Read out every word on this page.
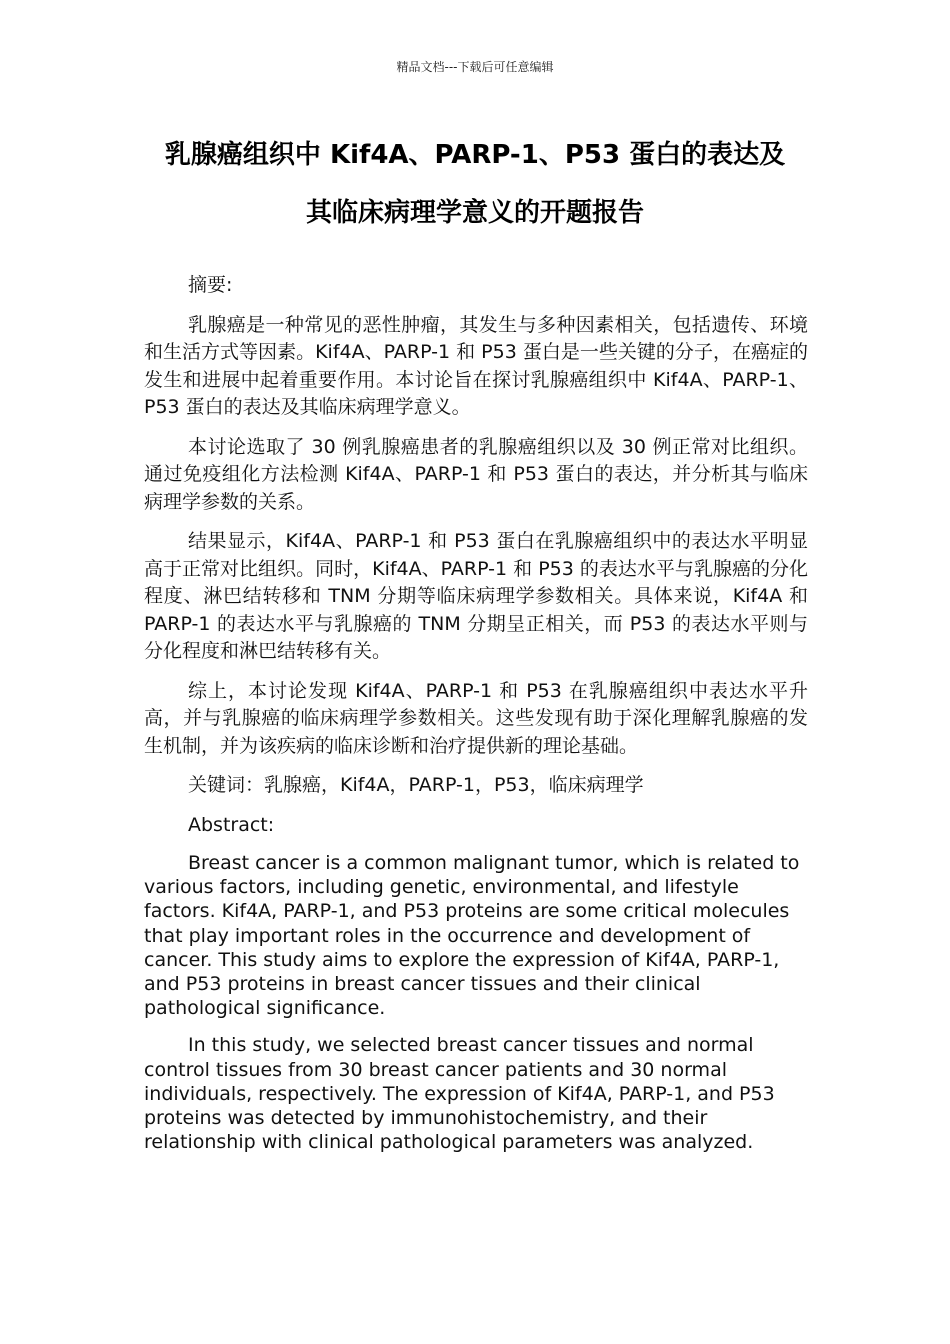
精品文档---下载后可任意编辑
乳腺癌组织中 Kif4A、PARP-1、P53 蛋白的表达及
其临床病理学意义的开题报告

摘要:

乳腺癌是一种常见的恶性肿瘤，其发生与多种因素相关，包括遗传、环境和生活方式等因素。Kif4A、PARP-1 和 P53 蛋白是一些关键的分子，在癌症的发生和进展中起着重要作用。本讨论旨在探讨乳腺癌组织中 Kif4A、PARP-1、P53 蛋白的表达及其临床病理学意义。

本讨论选取了 30 例乳腺癌患者的乳腺癌组织以及 30 例正常对比组织。通过免疫组化方法检测 Kif4A、PARP-1 和 P53 蛋白的表达，并分析其与临床病理学参数的关系。

结果显示，Kif4A、PARP-1 和 P53 蛋白在乳腺癌组织中的表达水平明显高于正常对比组织。同时，Kif4A、PARP-1 和 P53 的表达水平与乳腺癌的分化程度、淋巴结转移和 TNM 分期等临床病理学参数相关。具体来说，Kif4A 和 PARP-1 的表达水平与乳腺癌的 TNM 分期呈正相关，而 P53 的表达水平则与分化程度和淋巴结转移有关。

综上，本讨论发现 Kif4A、PARP-1 和 P53 在乳腺癌组织中表达水平升高，并与乳腺癌的临床病理学参数相关。这些发现有助于深化理解乳腺癌的发生机制，并为该疾病的临床诊断和治疗提供新的理论基础。

关键词：乳腺癌，Kif4A，PARP-1，P53，临床病理学

Abstract:

Breast cancer is a common malignant tumor, which is related to various factors, including genetic, environmental, and lifestyle factors. Kif4A, PARP-1, and P53 proteins are some critical molecules that play important roles in the occurrence and development of cancer. This study aims to explore the expression of Kif4A, PARP-1, and P53 proteins in breast cancer tissues and their clinical pathological significance.

In this study, we selected breast cancer tissues and normal control tissues from 30 breast cancer patients and 30 normal individuals, respectively. The expression of Kif4A, PARP-1, and P53 proteins was detected by immunohistochemistry, and their relationship with clinical pathological parameters was analyzed.
